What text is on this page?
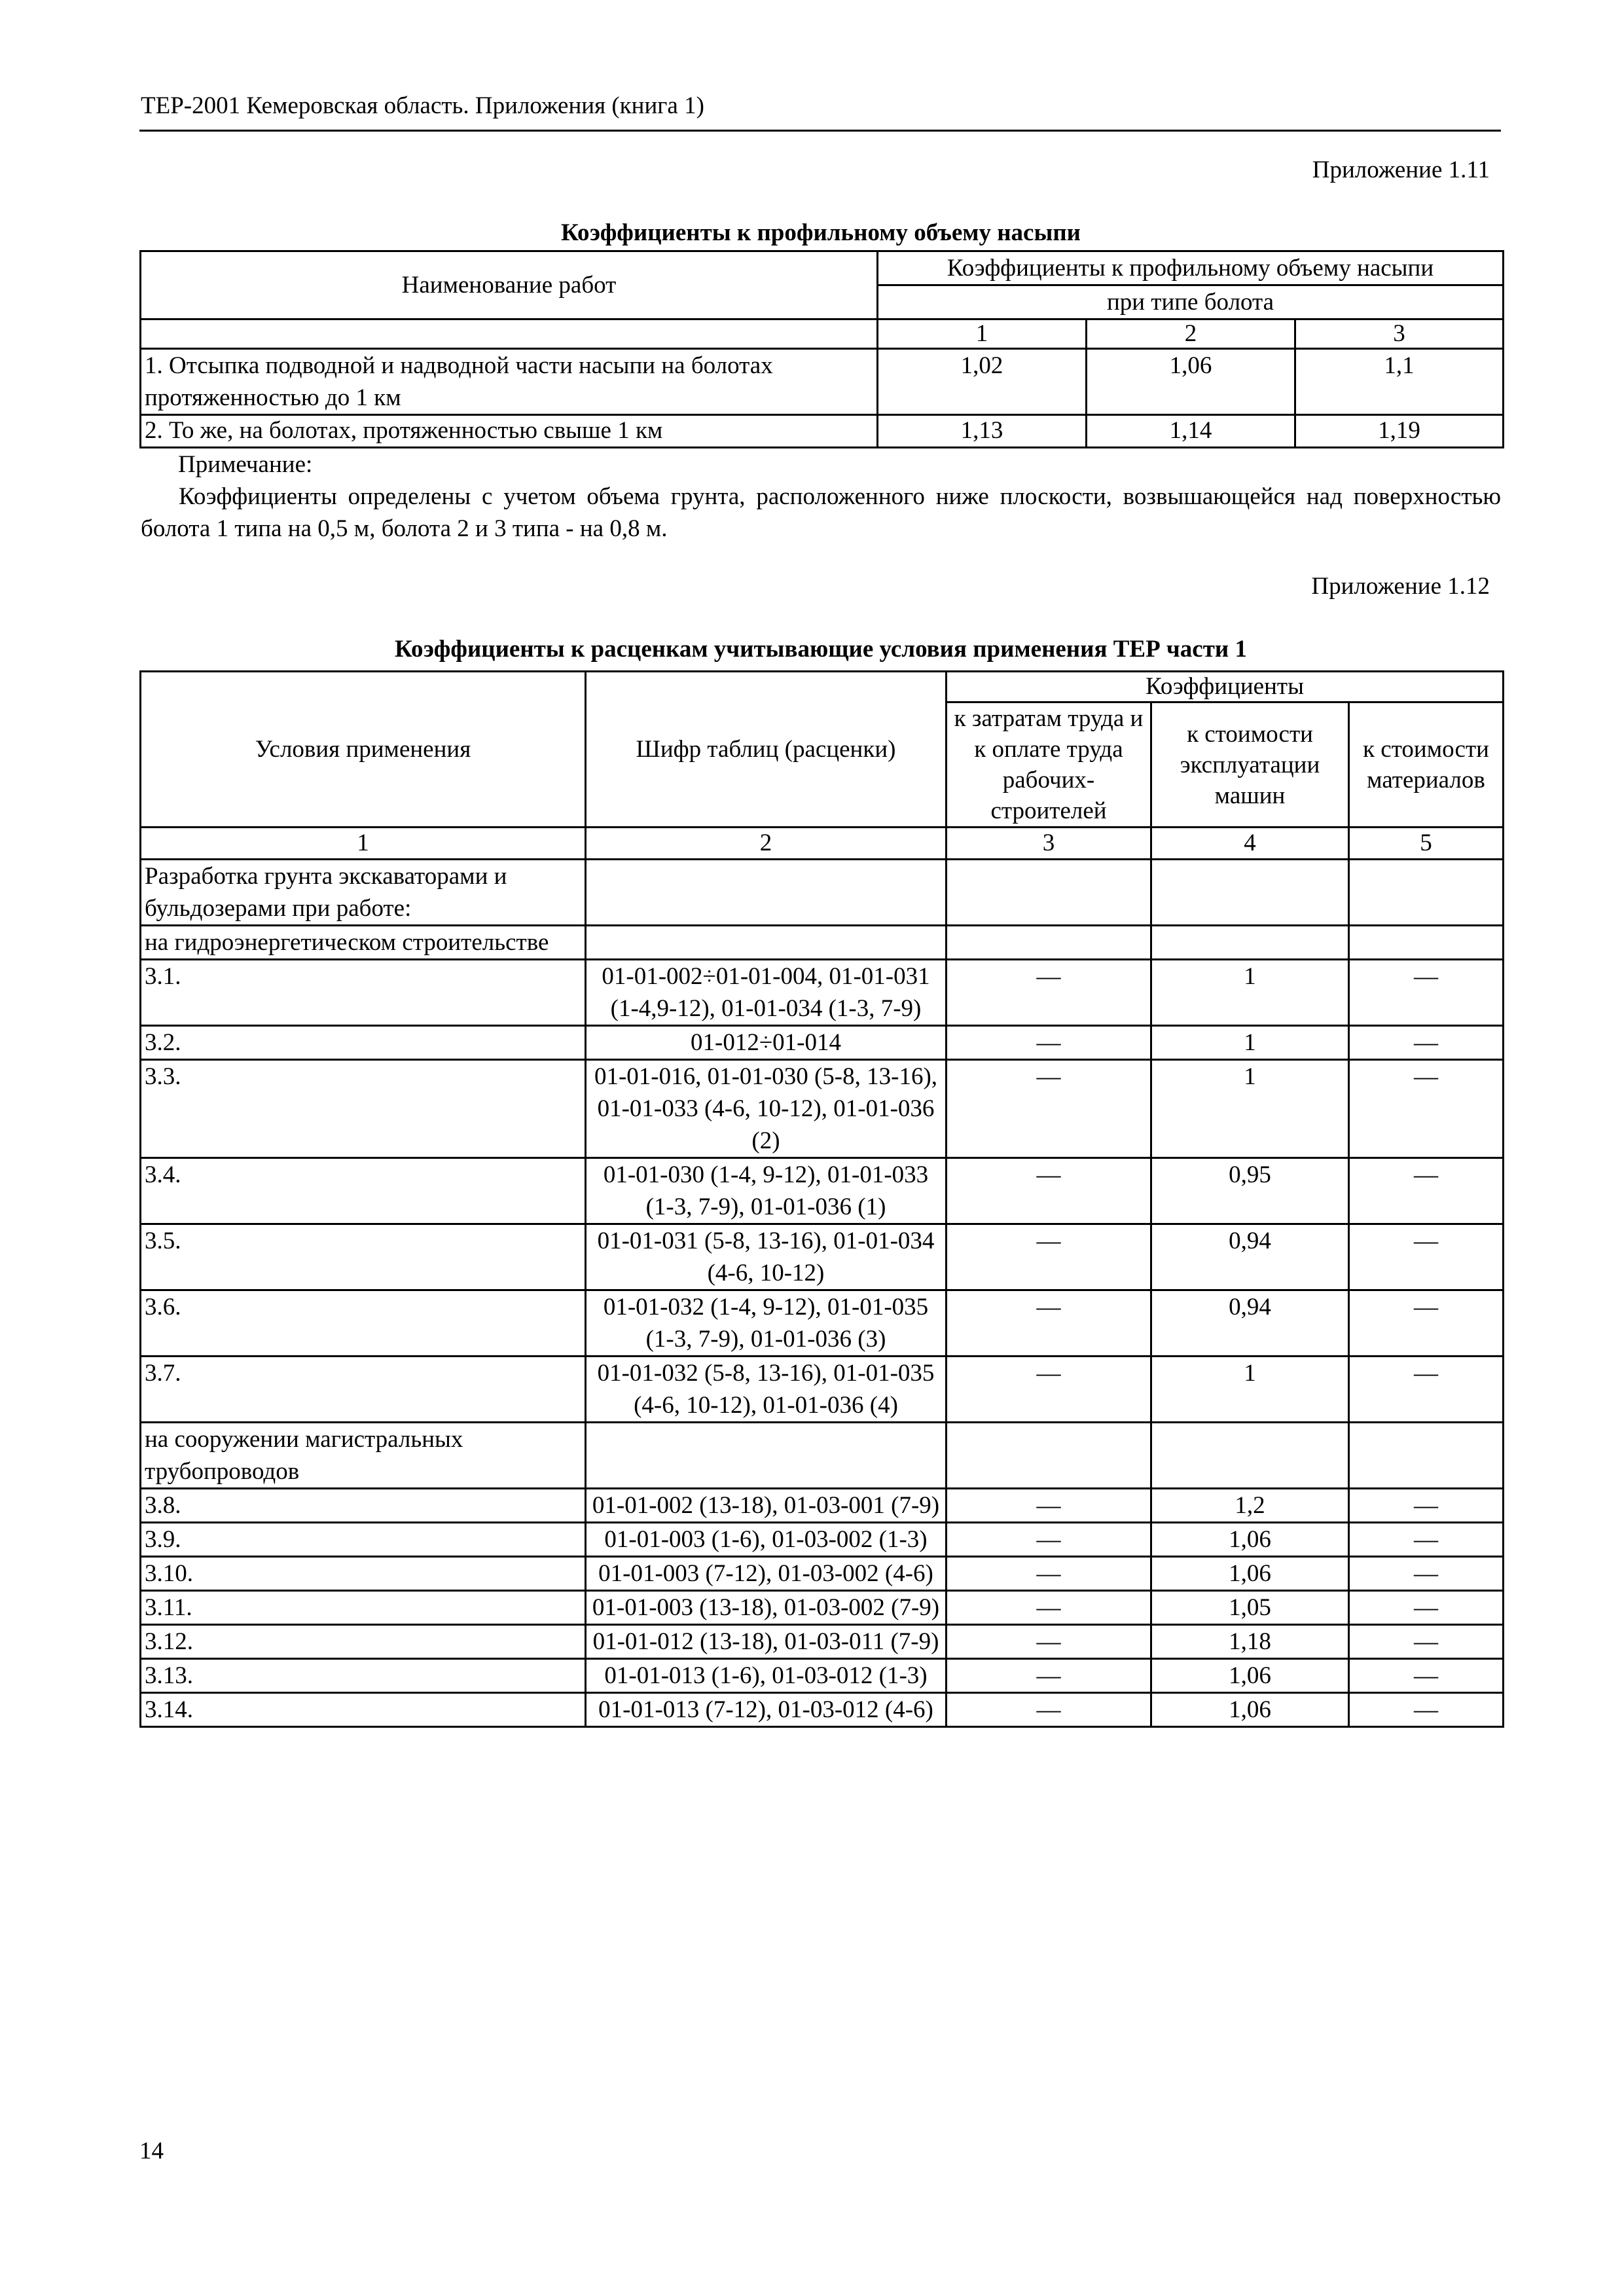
ТЕР-2001 Кемеровская область. Приложения (книга 1)
Приложение 1.11
Коэффициенты к профильному объему насыпи
Наименование работ	Коэффициенты к профильному объему насыпи		
	при типе болота		
	1	2	3
1. Отсыпка подводной и надводной части насыпи на болотах протяженностью до 1 км	1,02	1,06	1,1
2. То же, на болотах, протяженностью свыше 1 км	1,13	1,14	1,19
Примечание:
Коэффициенты определены с учетом объема грунта, расположенного ниже плоскости, возвышающейся над поверхностью болота 1 типа на 0,5 м, болота 2 и 3 типа - на 0,8 м.
Приложение 1.12
Коэффициенты к расценкам учитывающие условия применения ТЕР части 1
Условия применения	Шифр таблиц (расценки)	Коэффициенты		
		к затратам труда и к оплате труда рабочих-строителей	к стоимости эксплуатации машин	к стоимости материалов
1	2	3	4	5
Разработка грунта экскаваторами и бульдозерами при работе:				
на гидроэнергетическом строительстве				
3.1.	01-01-002÷01-01-004, 01-01-031 (1-4,9-12), 01-01-034 (1-3, 7-9)	—	1	—
3.2.	01-012÷01-014	—	1	—
3.3.	01-01-016, 01-01-030 (5-8, 13-16), 01-01-033 (4-6, 10-12), 01-01-036 (2)	—	1	—
3.4.	01-01-030 (1-4, 9-12), 01-01-033 (1-3, 7-9), 01-01-036 (1)	—	0,95	—
3.5.	01-01-031 (5-8, 13-16), 01-01-034 (4-6, 10-12)	—	0,94	—
3.6.	01-01-032 (1-4, 9-12), 01-01-035 (1-3, 7-9), 01-01-036 (3)	—	0,94	—
3.7.	01-01-032 (5-8, 13-16), 01-01-035 (4-6, 10-12), 01-01-036 (4)	—	1	—
на сооружении магистральных трубопроводов				
3.8.	01-01-002 (13-18), 01-03-001 (7-9)	—	1,2	—
3.9.	01-01-003 (1-6), 01-03-002 (1-3)	—	1,06	—
3.10.	01-01-003 (7-12), 01-03-002 (4-6)	—	1,06	—
3.11.	01-01-003 (13-18), 01-03-002 (7-9)	—	1,05	—
3.12.	01-01-012 (13-18), 01-03-011 (7-9)	—	1,18	—
3.13.	01-01-013 (1-6), 01-03-012 (1-3)	—	1,06	—
3.14.	01-01-013 (7-12), 01-03-012 (4-6)	—	1,06	—
14
